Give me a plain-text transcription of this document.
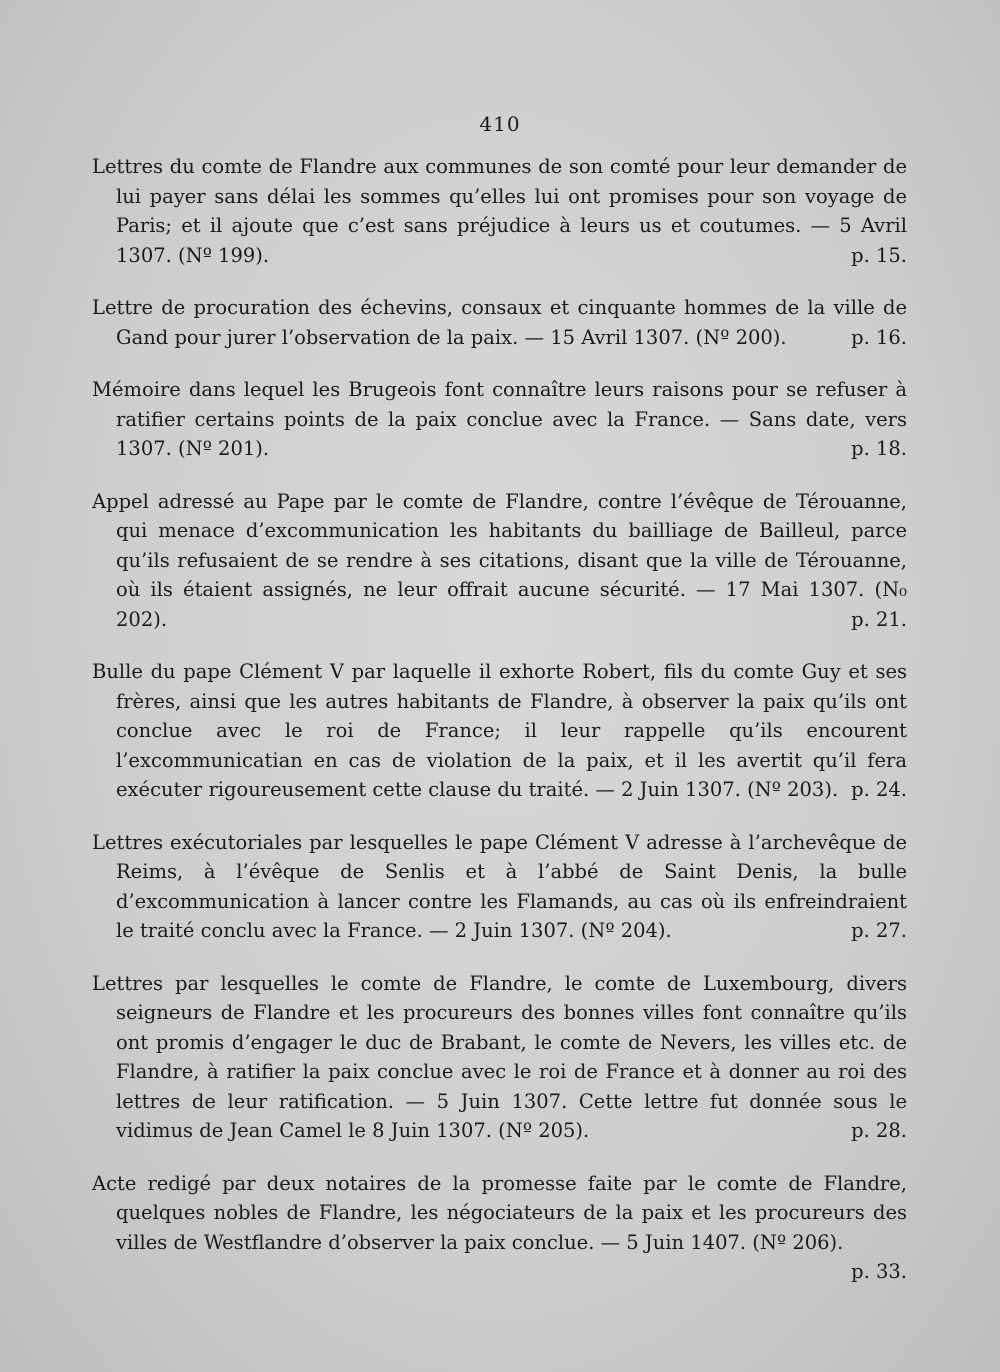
410
Lettres du comte de Flandre aux communes de son comté pour leur demander de lui payer sans délai les sommes qu’elles lui ont promises pour son voyage de Paris; et il ajoute que c’est sans préjudice à leurs us et coutumes. — 5 Avril 1307. (Nº 199).	p. 15.
Lettre de procuration des échevins, consaux et cinquante hommes de la ville de Gand pour jurer l’observation de la paix. — 15 Avril 1307. (Nº 200).	p. 16.
Mémoire dans lequel les Brugeois font connaître leurs raisons pour se refuser à ratifier certains points de la paix conclue avec la France. — Sans date, vers 1307. (Nº 201).	p. 18.
Appel adressé au Pape par le comte de Flandre, contre l’évêque de Térouanne, qui menace d’excommunication les habitants du bailliage de Bailleul, parce qu’ils refusaient de se rendre à ses citations, disant que la ville de Térouanne, où ils étaient assignés, ne leur offrait aucune sécurité. — 17 Mai 1307. (N₀ 202).	p. 21.
Bulle du pape Clément V par laquelle il exhorte Robert, fils du comte Guy et ses frères, ainsi que les autres habitants de Flandre, à observer la paix qu’ils ont conclue avec le roi de France; il leur rappelle qu’ils encourent l’excommunicatian en cas de violation de la paix, et il les avertit qu’il fera exécuter rigoureusement cette clause du traité. — 2 Juin 1307. (Nº 203). p. 24.
Lettres exécutoriales par lesquelles le pape Clément V adresse à l’archevêque de Reims, à l’évêque de Senlis et à l’abbé de Saint Denis, la bulle d’excommunication à lancer contre les Flamands, au cas où ils enfreindraient le traité conclu avec la France. — 2 Juin 1307. (Nº 204).	p. 27.
Lettres par lesquelles le comte de Flandre, le comte de Luxembourg, divers seigneurs de Flandre et les procureurs des bonnes villes font connaître qu’ils ont promis d’engager le duc de Brabant, le comte de Nevers, les villes etc. de Flandre, à ratifier la paix conclue avec le roi de France et à donner au roi des lettres de leur ratification. — 5 Juin 1307. Cette lettre fut donnée sous le vidimus de Jean Camel le 8 Juin 1307. (Nº 205).	p. 28.
Acte redigé par deux notaires de la promesse faite par le comte de Flandre, quelques nobles de Flandre, les négociateurs de la paix et les procureurs des villes de Westflandre d’observer la paix conclue. — 5 Juin 1407. (Nº 206).
p. 33.
